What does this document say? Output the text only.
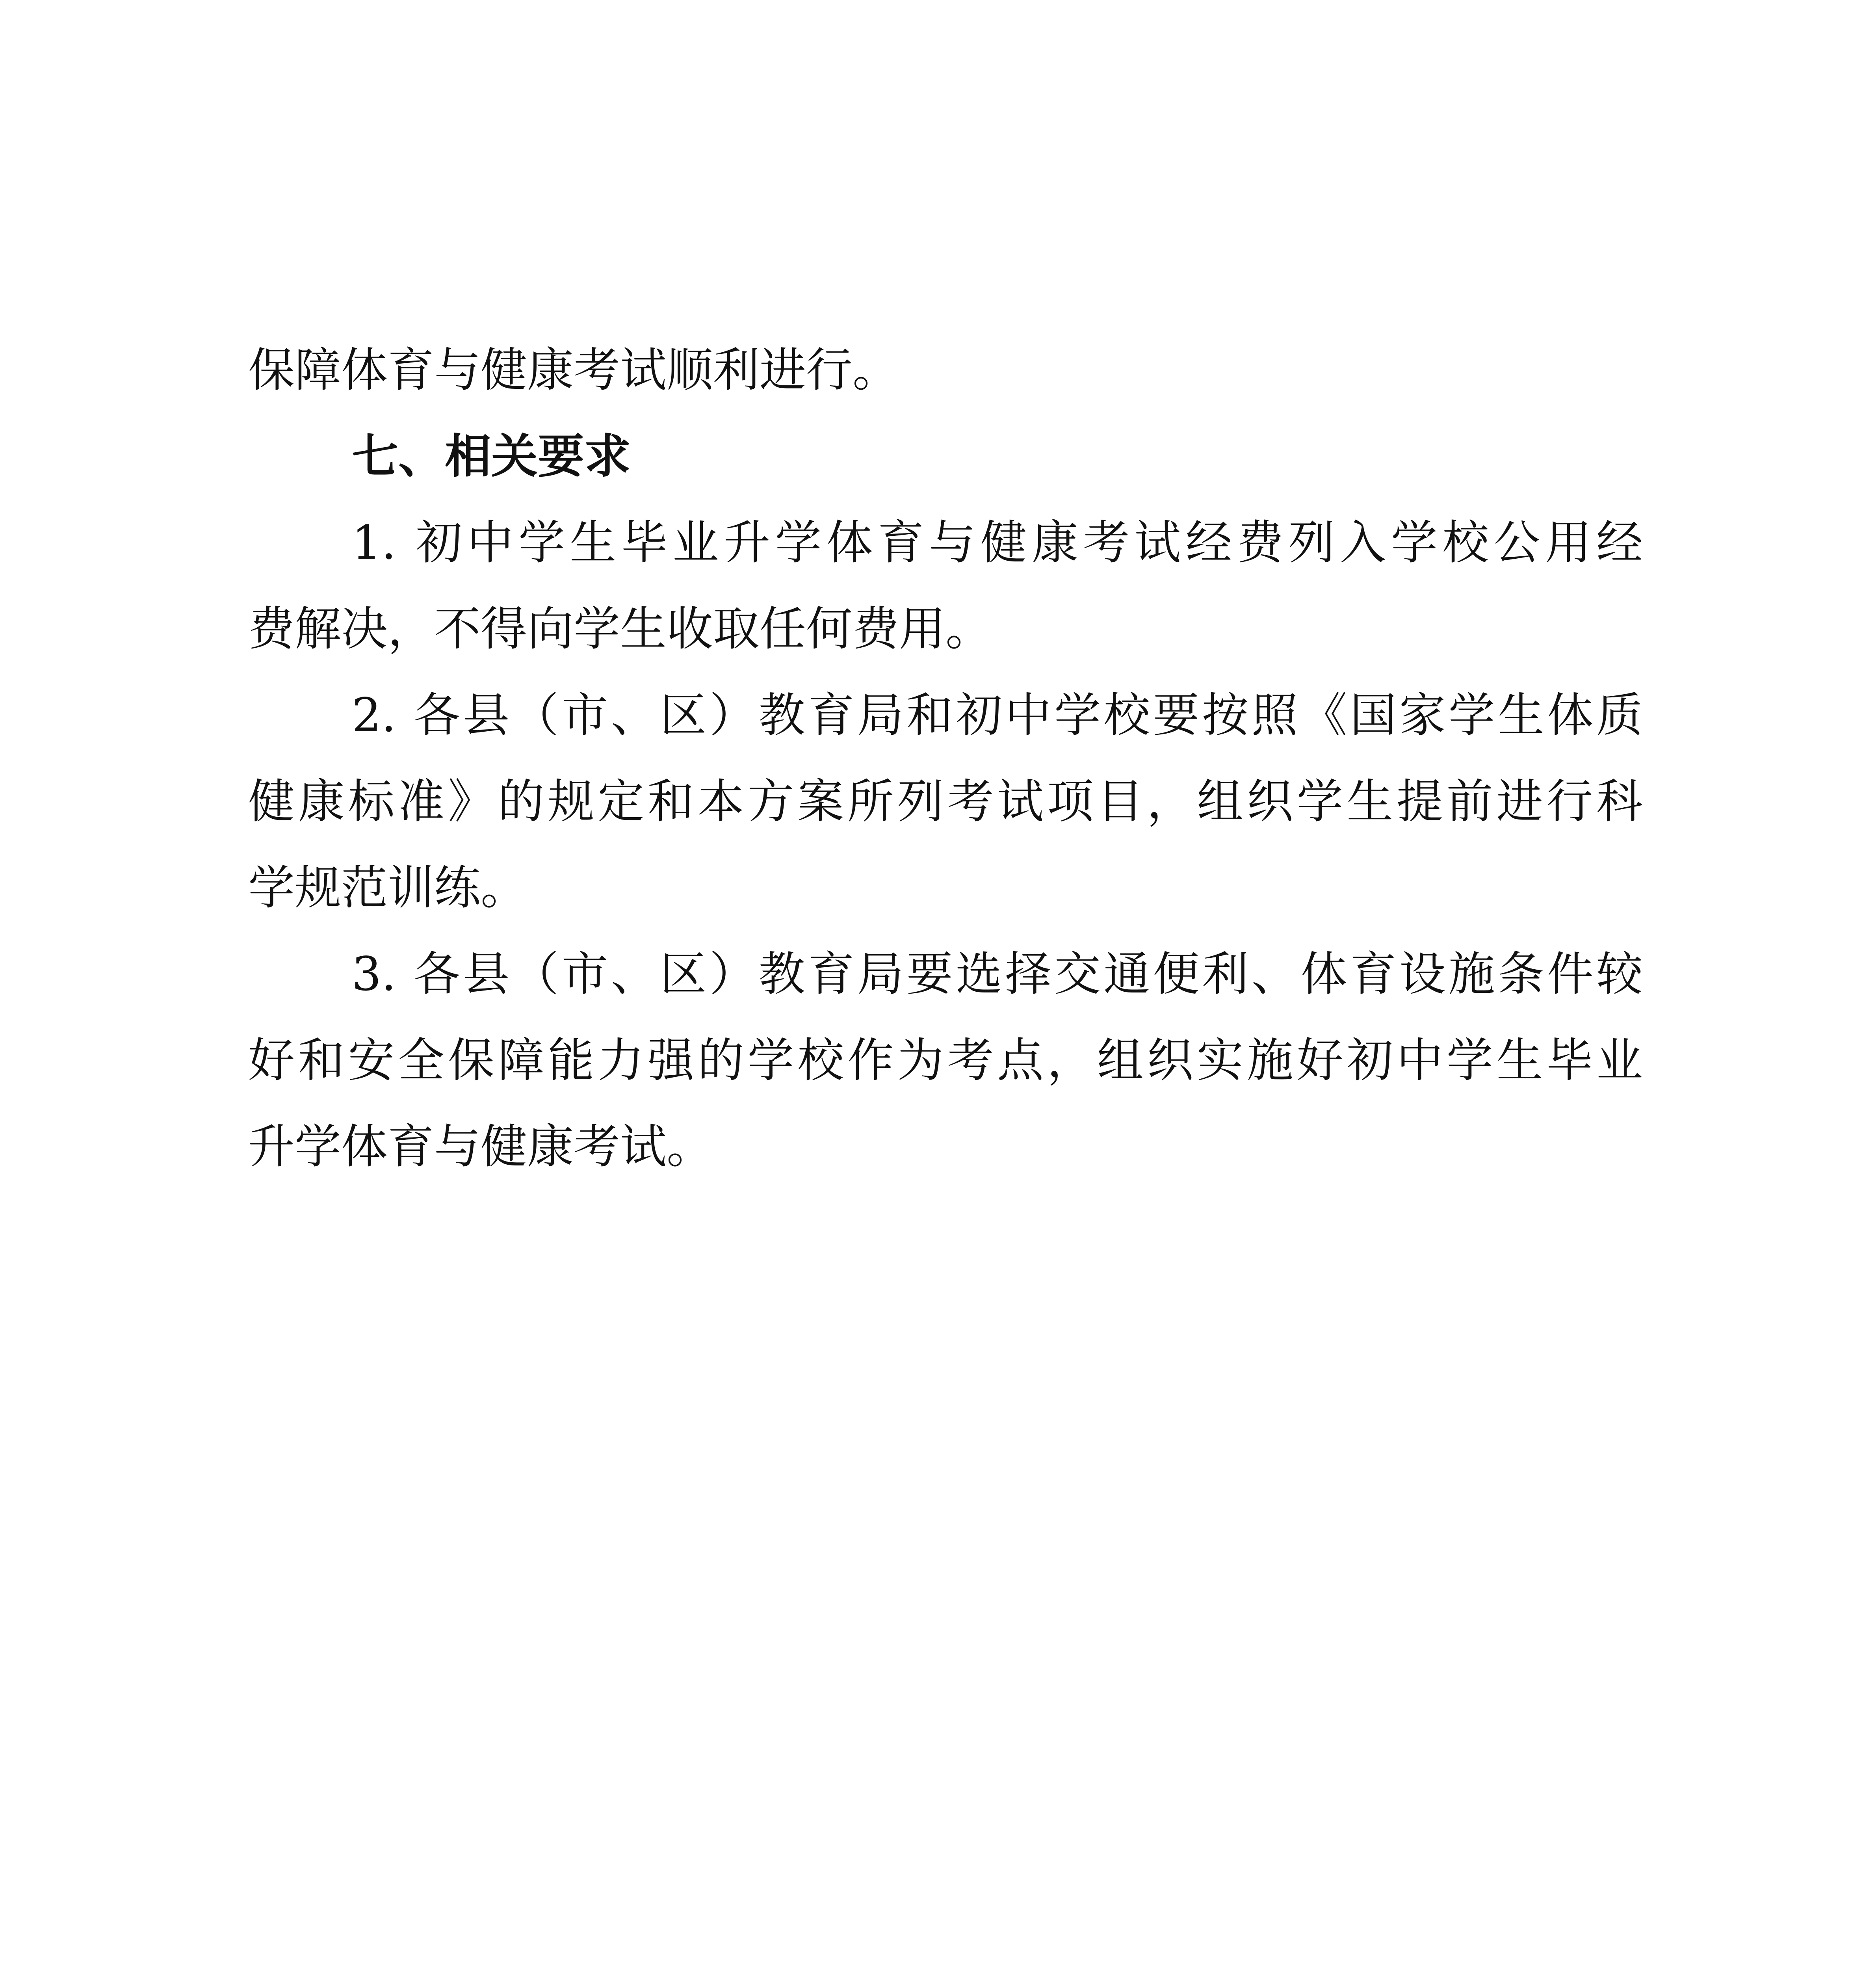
保障体育与健康考试顺利进行。
七、相关要求
1. 初中学生毕业升学体育与健康考试经费列入学校公用经
费解决，不得向学生收取任何费用。
2. 各县（市、区）教育局和初中学校要按照《国家学生体质
健康标准》的规定和本方案所列考试项目，组织学生提前进行科
学规范训练。
3. 各县（市、区）教育局要选择交通便利、体育设施条件较
好和安全保障能力强的学校作为考点，组织实施好初中学生毕业
升学体育与健康考试。
